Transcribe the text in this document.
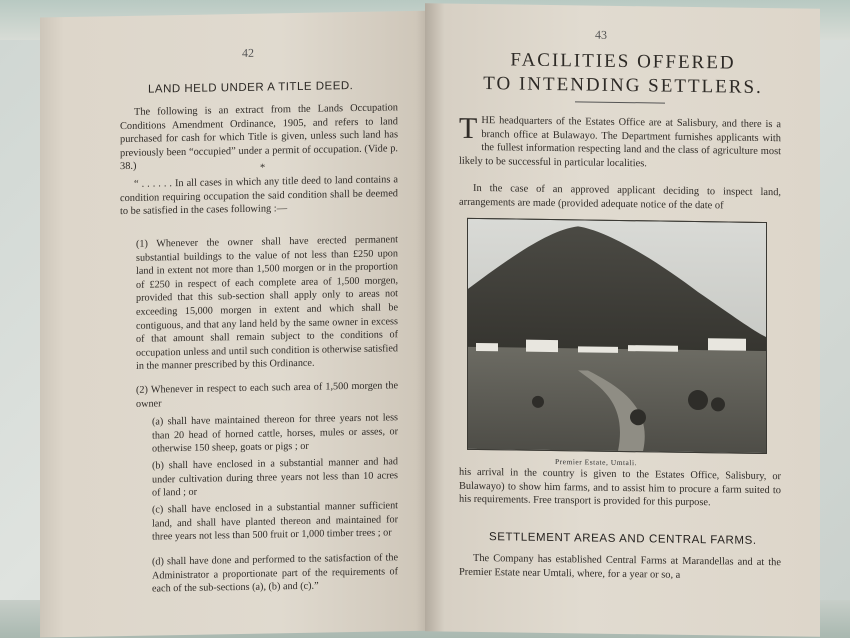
42
LAND HELD UNDER A TITLE DEED.

The following is an extract from the Lands Occupation Conditions Amendment Ordinance, 1905, and refers to land purchased for cash for which Title is given, unless such land has previously been “occupied” under a permit of occupation. (Vide p. 38.)	*

“ . . . . . . In all cases in which any title deed to land contains a condition requiring occupation the said condition shall be deemed to be satisfied in the cases following :—

(1) Whenever the owner shall have erected permanent substantial buildings to the value of not less than £250 upon land in extent not more than 1,500 morgen or in the proportion of £250 in respect of each complete area of 1,500 morgen, provided that this sub-section shall apply only to areas not exceeding 15,000 morgen in extent and which shall be contiguous, and that any land held by the same owner in excess of that amount shall remain subject to the conditions of occupation unless and until such condition is otherwise satisfied in the manner prescribed by this Ordinance.

(2) Whenever in respect to each such area of 1,500 morgen the owner

(a) shall have maintained thereon for three years not less than 20 head of horned cattle, horses, mules or asses, or otherwise 150 sheep, goats or pigs ; or

(b) shall have enclosed in a substantial manner and had under cultivation during three years not less than 10 acres of land ; or

(c) shall have enclosed in a substantial manner sufficient land, and shall have planted thereon and maintained for three years not less than 500 fruit or 1,000 timber trees ; or

(d) shall have done and performed to the satisfaction of the Administrator a proportionate part of the requirements of each of the sub-sections (a), (b) and (c).”

43
FACILITIES OFFERED
TO INTENDING SETTLERS.
T HE headquarters of the Estates Office are at Salisbury, and there is a branch office at Bulawayo. The Department furnishes applicants with the fullest information respecting land and the class of agriculture most likely to be successful in particular localities.

In the case of an approved applicant deciding to inspect land, arrangements are made (provided adequate notice of the date of

Premier Estate, Umtali.

his arrival in the country is given to the Estates Office, Salisbury, or Bulawayo) to show him farms, and to assist him to procure a farm suited to his requirements. Free transport is provided for this purpose.

SETTLEMENT AREAS AND CENTRAL FARMS.

The Company has established Central Farms at Marandellas and at the Premier Estate near Umtali, where, for a year or so, a
